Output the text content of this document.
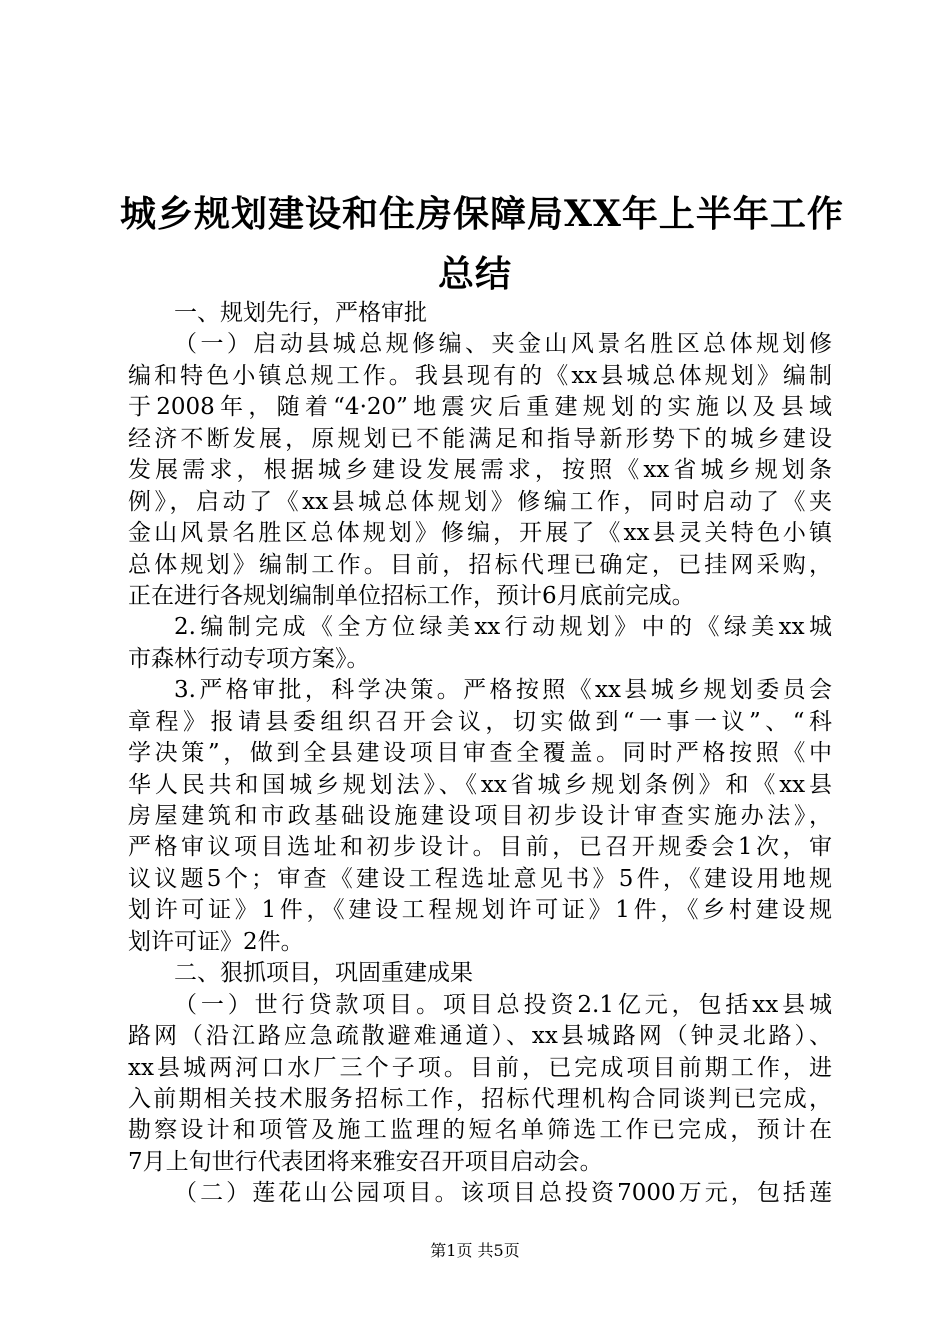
城乡规划建设和住房保障局XX年上半年工作
总结
一、规划先行，严格审批
（一）启动县城总规修编、夹金山风景名胜区总体规划修
编和特色小镇总规工作。我县现有的《xx县城总体规划》编制
于2008年，随着“4·20”地震灾后重建规划的实施以及县域
经济不断发展，原规划已不能满足和指导新形势下的城乡建设
发展需求，根据城乡建设发展需求，按照《xx省城乡规划条
例》，启动了《xx县城总体规划》修编工作，同时启动了《夹
金山风景名胜区总体规划》修编，开展了《xx县灵关特色小镇
总体规划》编制工作。目前，招标代理已确定，已挂网采购，
正在进行各规划编制单位招标工作，预计6月底前完成。
2.编制完成《全方位绿美xx行动规划》中的《绿美xx城
市森林行动专项方案》。
3.严格审批，科学决策。严格按照《xx县城乡规划委员会
章程》报请县委组织召开会议，切实做到“一事一议”、“科
学决策”，做到全县建设项目审查全覆盖。同时严格按照《中
华人民共和国城乡规划法》、《xx省城乡规划条例》和《xx县
房屋建筑和市政基础设施建设项目初步设计审查实施办法》，
严格审议项目选址和初步设计。目前，已召开规委会1次，审
议议题5个；审查《建设工程选址意见书》5件，《建设用地规
划许可证》1件，《建设工程规划许可证》1件，《乡村建设规
划许可证》2件。
二、狠抓项目，巩固重建成果
（一）世行贷款项目。项目总投资2.1亿元，包括xx县城
路网（沿江路应急疏散避难通道）、xx县城路网（钟灵北路）、
xx县城两河口水厂三个子项。目前，已完成项目前期工作，进
入前期相关技术服务招标工作，招标代理机构合同谈判已完成，
勘察设计和项管及施工监理的短名单筛选工作已完成，预计在
7月上旬世行代表团将来雅安召开项目启动会。
（二）莲花山公园项目。该项目总投资7000万元，包括莲
第1页 共5页
